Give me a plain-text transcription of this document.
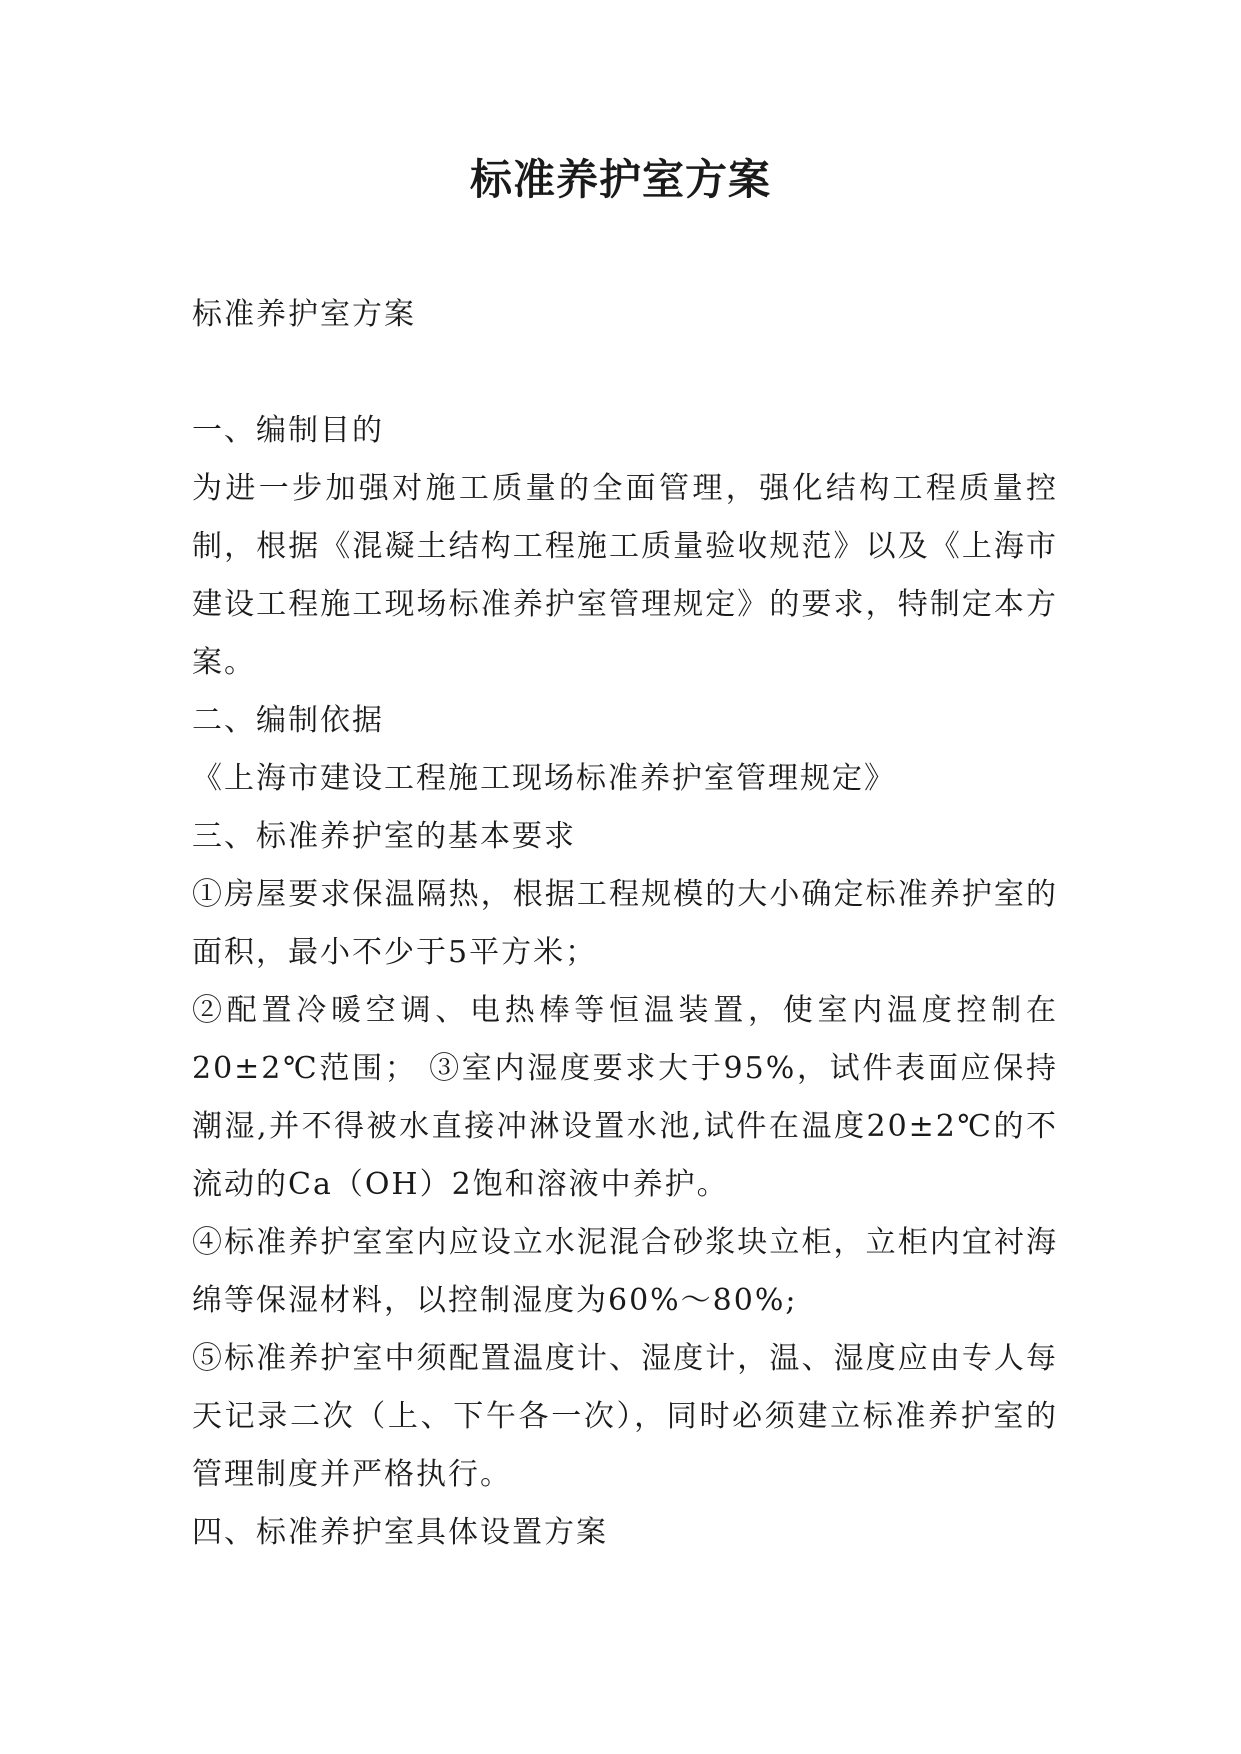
标准养护室方案

标准养护室方案

一、编制目的

为进一步加强对施工质量的全面管理，强化结构工程质量控制，根据《混凝土结构工程施工质量验收规范》以及《上海市建设工程施工现场标准养护室管理规定》的要求，特制定本方案。

二、编制依据

《上海市建设工程施工现场标准养护室管理规定》

三、标准养护室的基本要求

①房屋要求保温隔热，根据工程规模的大小确定标准养护室的面积，最小不少于5平方米；

②配置冷暖空调、电热棒等恒温装置，使室内温度控制在20±2℃范围； ③室内湿度要求大于95%，试件表面应保持潮湿,并不得被水直接冲淋设置水池,试件在温度20±2℃的不流动的Ca（OH）2饱和溶液中养护。

④标准养护室室内应设立水泥混合砂浆块立柜，立柜内宜衬海绵等保湿材料，以控制湿度为60%～80%;

⑤标准养护室中须配置温度计、湿度计，温、湿度应由专人每天记录二次（上、下午各一次），同时必须建立标准养护室的管理制度并严格执行。

四、标准养护室具体设置方案
